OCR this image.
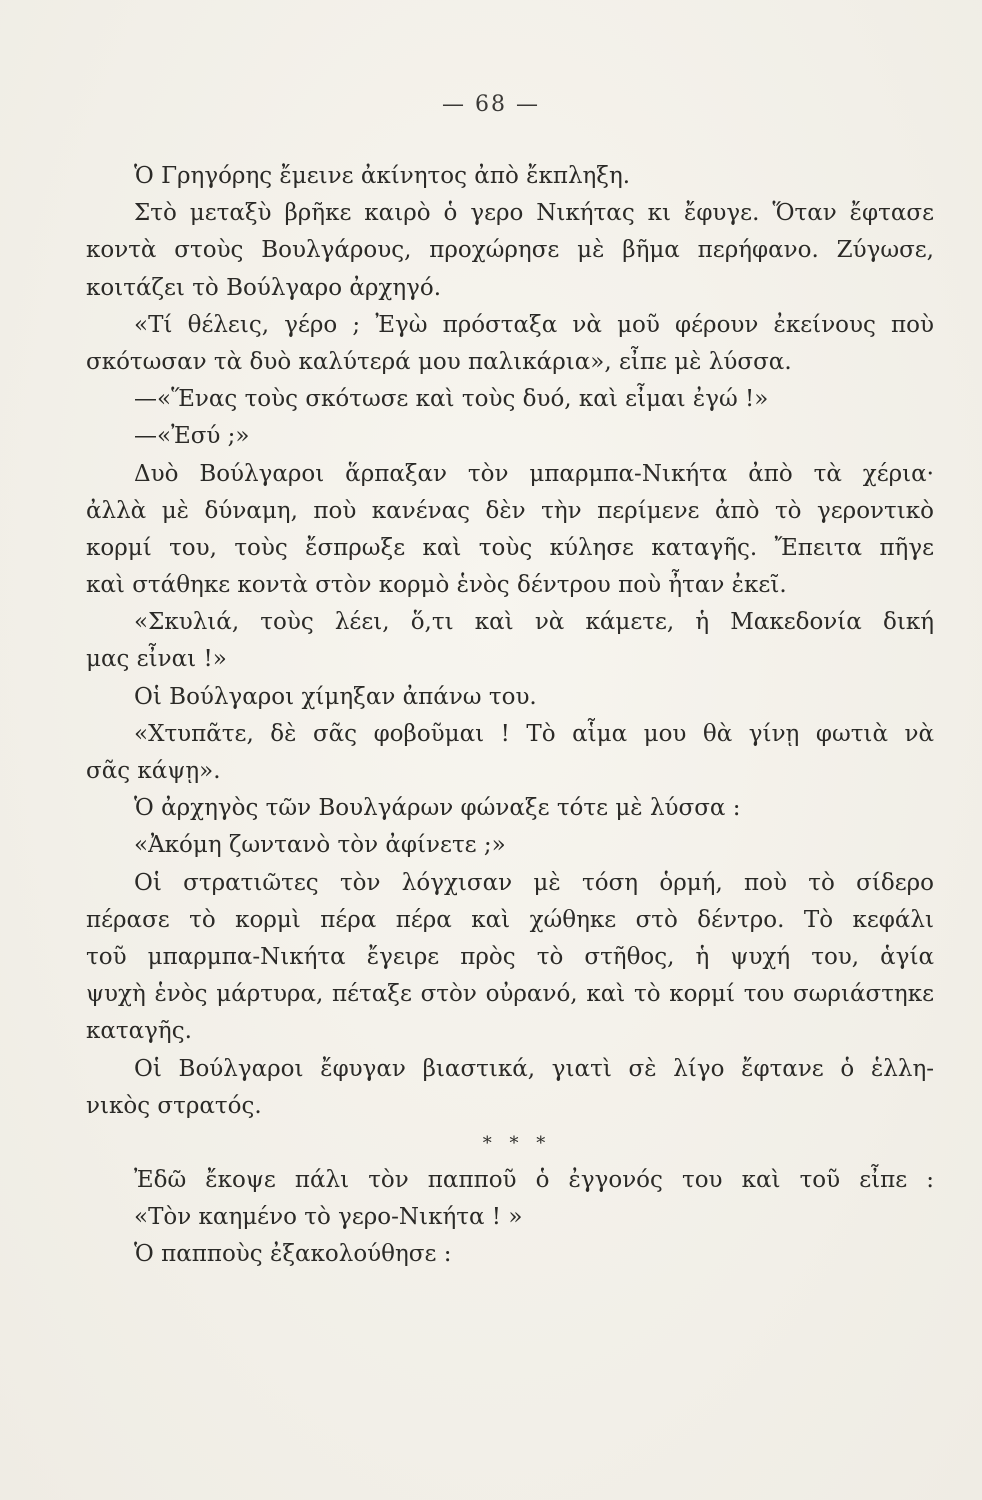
— 68 —
Ὁ Γρηγόρης ἔμεινε ἀκίνητος ἀπὸ ἔκπληξη.
Στὸ μεταξὺ βρῆκε καιρὸ ὁ γερο Νικήτας κι ἔφυγε. Ὅταν ἔφτασε
κοντὰ στοὺς Βουλγάρους, προχώρησε μὲ βῆμα περήφανο. Ζύγωσε,
κοιτάζει τὸ Βούλγαρο ἀρχηγό.
«Τί θέλεις, γέρο ; Ἐγὼ πρόσταξα νὰ μοῦ φέρουν ἐκείνους ποὺ
σκότωσαν τὰ δυὸ καλύτερά μου παλικάρια», εἶπε μὲ λύσσα.
—«Ἕνας τοὺς σκότωσε καὶ τοὺς δυό, καὶ εἶμαι ἐγώ !»
—«Ἐσύ ;»
Δυὸ Βούλγαροι ἅρπαξαν τὸν μπαρμπα-Νικήτα ἀπὸ τὰ χέρια·
ἀλλὰ μὲ δύναμη, ποὺ κανένας δὲν τὴν περίμενε ἀπὸ τὸ γεροντικὸ
κορμί του, τοὺς ἔσπρωξε καὶ τοὺς κύλησε καταγῆς. Ἔπειτα πῆγε
καὶ στάθηκε κοντὰ στὸν κορμὸ ἑνὸς δέντρου ποὺ ἦταν ἐκεῖ.
«Σκυλιά, τοὺς λέει, ὅ,τι καὶ νὰ κάμετε, ἡ Μακεδονία δική
μας εἶναι !»
Οἱ Βούλγαροι χίμηξαν ἀπάνω του.
«Χτυπᾶτε, δὲ σᾶς φοβοῦμαι ! Τὸ αἷμα μου θὰ γίνῃ φωτιὰ νὰ
σᾶς κάψῃ».
Ὁ ἀρχηγὸς τῶν Βουλγάρων φώναξε τότε μὲ λύσσα :
«Ἀκόμη ζωντανὸ τὸν ἀφίνετε ;»
Οἱ στρατιῶτες τὸν λόγχισαν μὲ τόση ὁρμή, ποὺ τὸ σίδερο
πέρασε τὸ κορμὶ πέρα πέρα καὶ χώθηκε στὸ δέντρο. Τὸ κεφάλι
τοῦ μπαρμπα-Νικήτα ἔγειρε πρὸς τὸ στῆθος, ἡ ψυχή του, ἁγία
ψυχὴ ἑνὸς μάρτυρα, πέταξε στὸν οὐρανό, καὶ τὸ κορμί του σωριάστηκε
καταγῆς.
Οἱ Βούλγαροι ἔφυγαν βιαστικά, γιατὶ σὲ λίγο ἔφτανε ὁ ἑλλη-
νικὸς στρατός.
* * *
Ἐδῶ ἔκοψε πάλι τὸν παπποῦ ὁ ἐγγονός του καὶ τοῦ εἶπε :
«Τὸν καημένο τὸ γερο-Νικήτα ! »
Ὁ παπποὺς ἐξακολούθησε :
